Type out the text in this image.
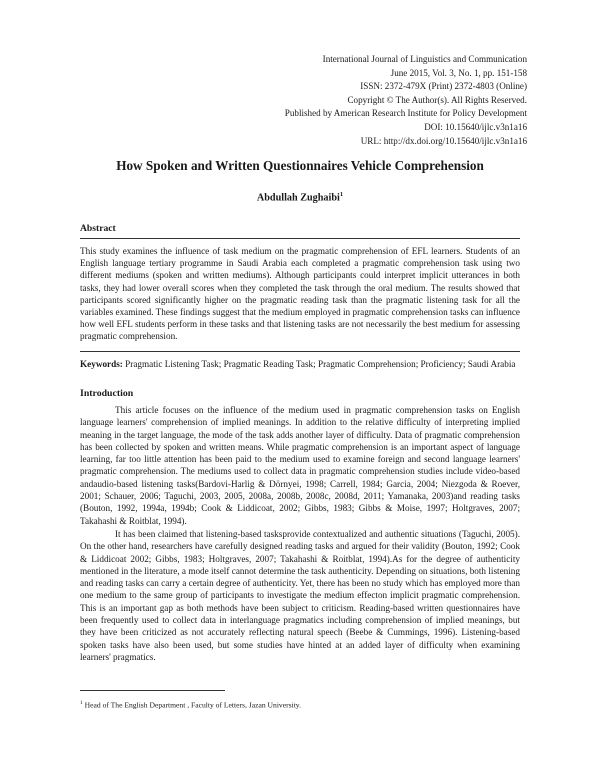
International Journal of Linguistics and Communication
June 2015, Vol. 3, No. 1, pp. 151-158
ISSN: 2372-479X (Print) 2372-4803 (Online)
Copyright © The Author(s). All Rights Reserved.
Published by American Research Institute for Policy Development
DOI: 10.15640/ijlc.v3n1a16
URL: http://dx.doi.org/10.15640/ijlc.v3n1a16
How Spoken and Written Questionnaires Vehicle Comprehension
Abdullah Zughaibi$^1$
Abstract
This study examines the influence of task medium on the pragmatic comprehension of EFL learners. Students of an English language tertiary programme in Saudi Arabia each completed a pragmatic comprehension task using two different mediums (spoken and written mediums). Although participants could interpret implicit utterances in both tasks, they had lower overall scores when they completed the task through the oral medium. The results showed that participants scored significantly higher on the pragmatic reading task than the pragmatic listening task for all the variables examined. These findings suggest that the medium employed in pragmatic comprehension tasks can influence how well EFL students perform in these tasks and that listening tasks are not necessarily the best medium for assessing pragmatic comprehension.
Keywords: Pragmatic Listening Task; Pragmatic Reading Task; Pragmatic Comprehension; Proficiency; Saudi Arabia
Introduction
This article focuses on the influence of the medium used in pragmatic comprehension tasks on English language learners' comprehension of implied meanings. In addition to the relative difficulty of interpreting implied meaning in the target language, the mode of the task adds another layer of difficulty. Data of pragmatic comprehension has been collected by spoken and written means. While pragmatic comprehension is an important aspect of language learning, far too little attention has been paid to the medium used to examine foreign and second language learners' pragmatic comprehension. The mediums used to collect data in pragmatic comprehension studies include video-based andaudio-based listening tasks(Bardovi-Harlig & Dörnyei, 1998; Carrell, 1984; Garcia, 2004; Niezgoda & Roever, 2001; Schauer, 2006; Taguchi, 2003, 2005, 2008a, 2008b, 2008c, 2008d, 2011; Yamanaka, 2003)and reading tasks (Bouton, 1992, 1994a, 1994b; Cook & Liddicoat, 2002; Gibbs, 1983; Gibbs & Moise, 1997; Holtgraves, 2007; Takahashi & Roitblat, 1994).
It has been claimed that listening-based tasksprovide contextualized and authentic situations (Taguchi, 2005). On the other hand, researchers have carefully designed reading tasks and argued for their validity (Bouton, 1992; Cook & Liddicoat 2002; Gibbs, 1983; Holtgraves, 2007; Takahashi & Roitblat, 1994).As for the degree of authenticity mentioned in the literature, a mode itself cannot determine the task authenticity. Depending on situations, both listening and reading tasks can carry a certain degree of authenticity. Yet, there has been no study which has employed more than one medium to the same group of participants to investigate the medium effecton implicit pragmatic comprehension. This is an important gap as both methods have been subject to criticism. Reading-based written questionnaires have been frequently used to collect data in interlanguage pragmatics including comprehension of implied meanings, but they have been criticized as not accurately reflecting natural speech (Beebe & Cummings, 1996). Listening-based spoken tasks have also been used, but some studies have hinted at an added layer of difficulty when examining learners' pragmatics.
$^1$ Head of The English Department , Faculty of Letters, Jazan University.
